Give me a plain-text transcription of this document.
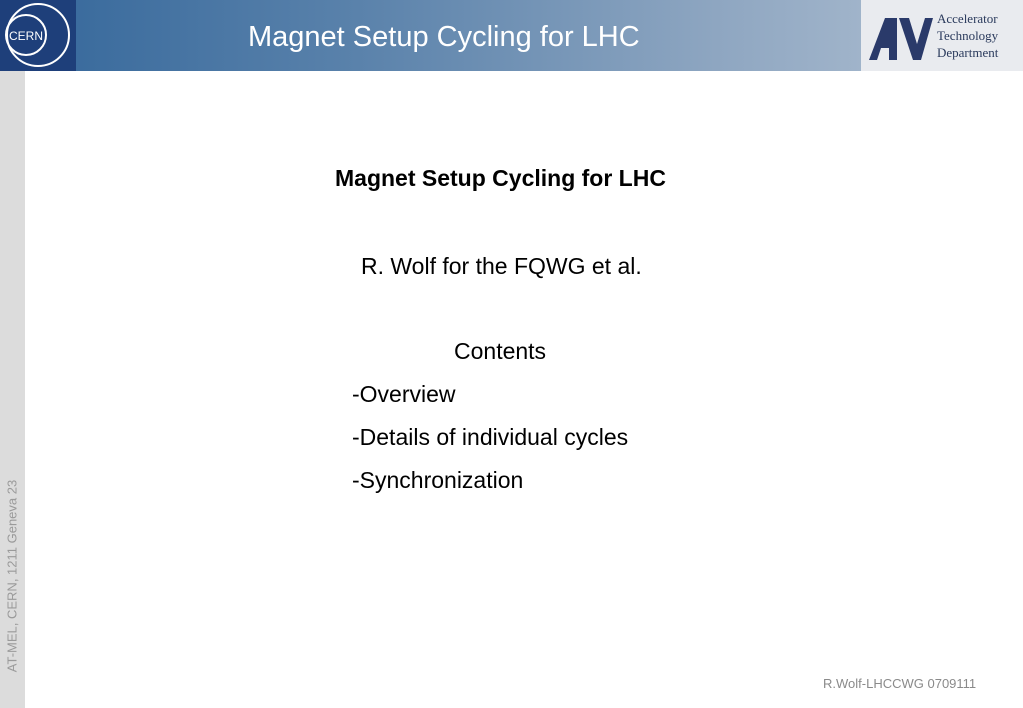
CERN	Magnet Setup Cycling for LHC
Accelerator
Technology
Department
AT-MEL, CERN, 1211 Geneva 23
Magnet Setup Cycling for LHC
R. Wolf for the FQWG et al.
Contents
-Overview
-Details of individual cycles
-Synchronization
R.Wolf-LHCCWG 0709111
